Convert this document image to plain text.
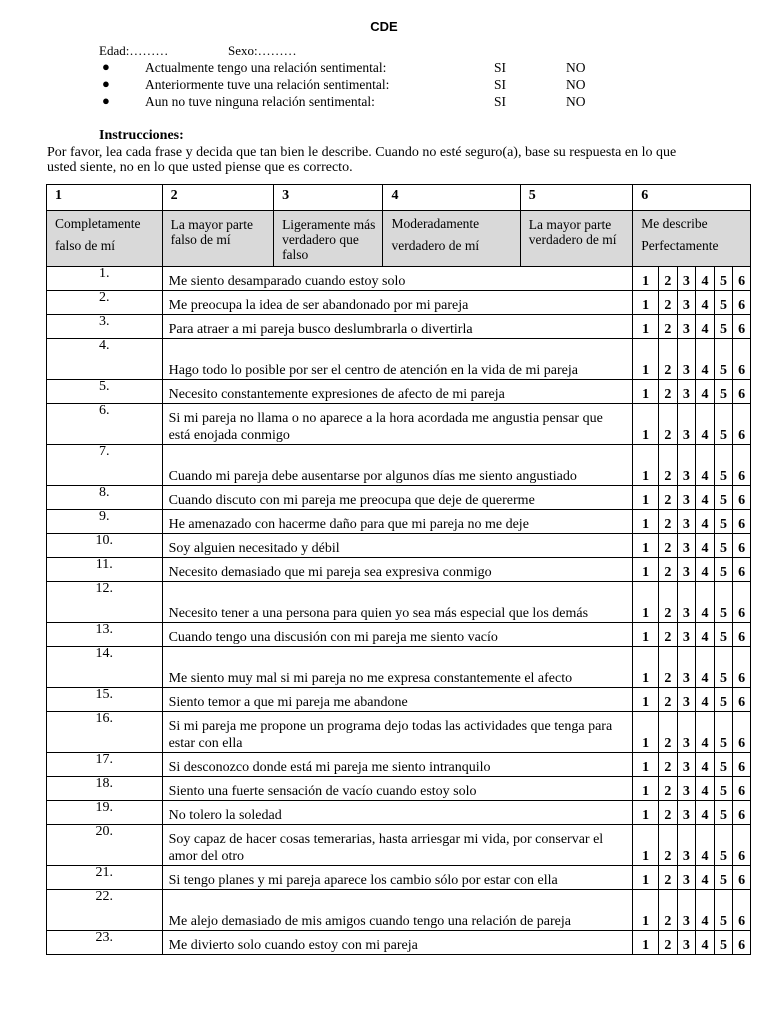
CDE
Edad:………	Sexo:………
●	Actualmente tengo una relación sentimental:	SI	NO
●	Anteriormente tuve una relación sentimental:	SI	NO
●	Aun no tuve ninguna relación sentimental:	SI	NO
Instrucciones:
Por favor, lea cada frase y decida que tan bien le describe. Cuando no esté seguro(a), base su respuesta en lo que usted siente, no en lo que usted piense que es correcto.
1	2	3	4	5	6					
Completamente falso de mí	La mayor parte falso de mí	Ligeramente más verdadero que falso	Moderadamente verdadero de mí	La mayor parte verdadero de mí	Me describe Perfectamente					
1.	Me siento desamparado cuando estoy solo				1	2	3	4	5	6
2.	Me preocupa la idea de ser abandonado por mi pareja				1	2	3	4	5	6
3.	Para atraer a mi pareja busco deslumbrarla o divertirla				1	2	3	4	5	6
4.	Hago todo lo posible por ser el centro de atención en la vida de mi pareja				1	2	3	4	5	6
5.	Necesito constantemente expresiones de afecto de mi pareja				1	2	3	4	5	6
6.	Si mi pareja no llama o no aparece a la hora acordada me angustia pensar que está enojada conmigo				1	2	3	4	5	6
7.	Cuando mi pareja debe ausentarse por algunos días me siento angustiado				1	2	3	4	5	6
8.	Cuando discuto con mi pareja me preocupa que deje de quererme				1	2	3	4	5	6
9.	He amenazado con hacerme daño para que mi pareja no me deje				1	2	3	4	5	6
10.	Soy alguien necesitado y débil				1	2	3	4	5	6
11.	Necesito demasiado que mi pareja sea expresiva conmigo				1	2	3	4	5	6
12.	Necesito tener a una persona para quien yo sea más especial que los demás				1	2	3	4	5	6
13.	Cuando tengo una discusión con mi pareja me siento vacío				1	2	3	4	5	6
14.	Me siento muy mal si mi pareja no me expresa constantemente el afecto				1	2	3	4	5	6
15.	Siento temor a que mi pareja me abandone				1	2	3	4	5	6
16.	Si mi pareja me propone un programa dejo todas las actividades que tenga para estar con ella				1	2	3	4	5	6
17.	Si desconozco donde está mi pareja me siento intranquilo				1	2	3	4	5	6
18.	Siento una fuerte sensación de vacío cuando estoy solo				1	2	3	4	5	6
19.	No tolero la soledad				1	2	3	4	5	6
20.	Soy capaz de hacer cosas temerarias, hasta arriesgar mi vida, por conservar el amor del otro				1	2	3	4	5	6
21.	Si tengo planes y mi pareja aparece los cambio sólo por estar con ella				1	2	3	4	5	6
22.	Me alejo demasiado de mis amigos cuando tengo una relación de pareja				1	2	3	4	5	6
23.	Me divierto solo cuando estoy con mi pareja				1	2	3	4	5	6
